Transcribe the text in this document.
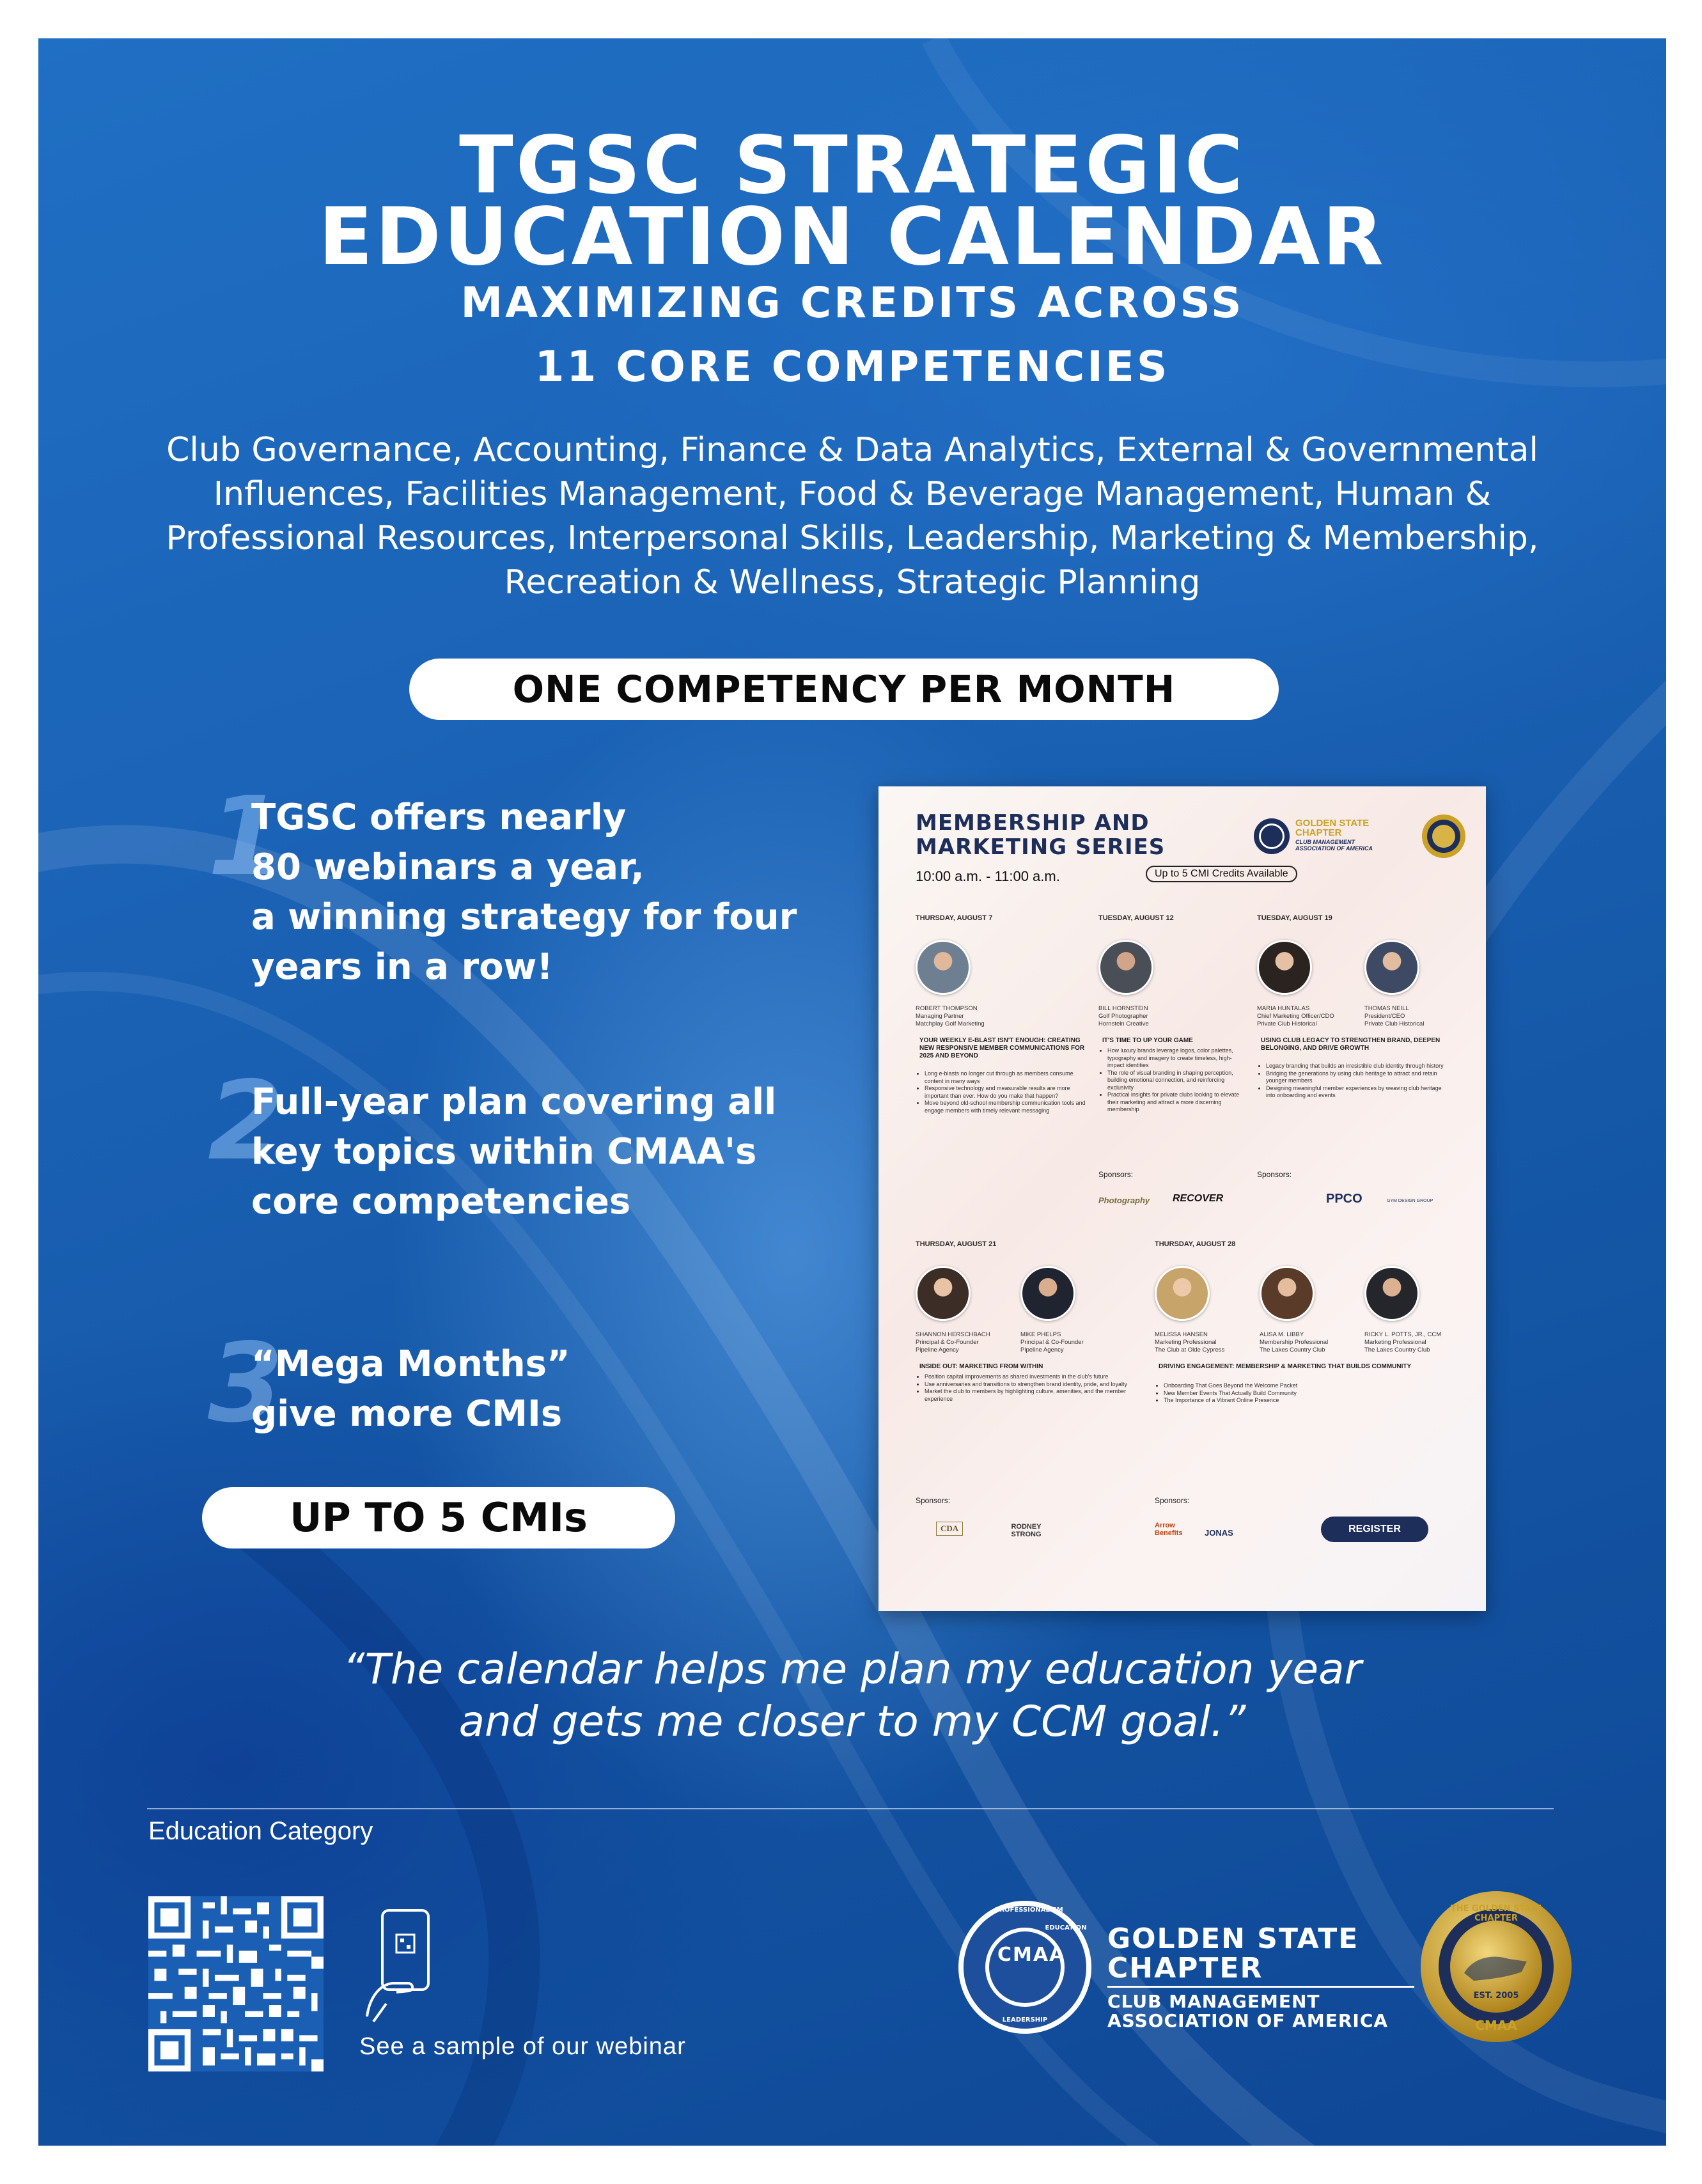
TGSC STRATEGIC
EDUCATION CALENDAR
MAXIMIZING CREDITS ACROSS
11 CORE COMPETENCIES
Club Governance, Accounting, Finance & Data Analytics, External & Governmental
Influences, Facilities Management, Food & Beverage Management, Human &
Professional Resources, Interpersonal Skills, Leadership, Marketing & Membership,
Recreation & Wellness, Strategic Planning
ONE COMPETENCY PER MONTH
1
TGSC offers nearly
80 webinars a year,
a winning strategy for four
years in a row!
2
Full-year plan covering all
key topics within CMAA's
core competencies
3
“Mega Months”
give more CMIs
UP TO 5 CMIs
MEMBERSHIP AND
MARKETING SERIES
GOLDEN STATE
CHAPTER
CLUB MANAGEMENT
ASSOCIATION OF AMERICA
10:00 a.m. - 11:00 a.m.	Up to 5 CMI Credits Available
THURSDAY, AUGUST 7	TUESDAY, AUGUST 12	TUESDAY, AUGUST 19
ROBERT THOMPSON
Managing Partner
Matchplay Golf Marketing
BILL HORNSTEIN
Golf Photographer
Hornstein Creative
MARIA HUNTALAS
Chief Marketing Officer/CDO
Private Club Historical
THOMAS NEILL
President/CEO
Private Club Historical
YOUR WEEKLY E-BLAST ISN'T ENOUGH: CREATING NEW RESPONSIVE MEMBER COMMUNICATIONS FOR 2025 AND BEYOND
• Long e-blasts no longer cut through as members consume content in many ways
• Responsive technology and measurable results are more important than ever. How do you make that happen?
• Move beyond old-school membership communication tools and engage members with timely relevant messaging
IT'S TIME TO UP YOUR GAME
• How luxury brands leverage logos, color palettes, typography and imagery to create timeless, high-impact identities
• The role of visual branding in shaping perception, building emotional connection, and reinforcing exclusivity
• Practical insights for private clubs looking to elevate their marketing and attract a more discerning membership
USING CLUB LEGACY TO STRENGTHEN BRAND, DEEPEN BELONGING, AND DRIVE GROWTH
• Legacy branding that builds an irresistible club identity through history
• Bridging the generations by using club heritage to attract and retain younger members
• Designing meaningful member experiences by weaving club heritage into onboarding and events
Sponsors:
Photography RECOVER
Sponsors:
PPCO	GYM DESIGN GROUP
THURSDAY, AUGUST 21	THURSDAY, AUGUST 28
SHANNON HERSCHBACH
Principal & Co-Founder
Pipeline Agency
MIKE PHELPS
Principal & Co-Founder
Pipeline Agency
MELISSA HANSEN
Marketing Professional
The Club at Olde Cypress
ALISA M. LIBBY
Membership Professional
The Lakes Country Club
RICKY L. POTTS, JR., CCM
Marketing Professional
The Lakes Country Club
INSIDE OUT: MARKETING FROM WITHIN
• Position capital improvements as shared investments in the club's future
• Use anniversaries and transitions to strengthen brand identity, pride, and loyalty
• Market the club to members by highlighting culture, amenities, and the member experience
DRIVING ENGAGEMENT: MEMBERSHIP & MARKETING THAT BUILDS COMMUNITY
• Onboarding That Goes Beyond the Welcome Packet
• New Member Events That Actually Build Community
• The Importance of a Vibrant Online Presence
Sponsors:
CDA	RODNEY STRONG
Sponsors:
Arrow Benefits	JONAS	REGISTER
“The calendar helps me plan my education year
and gets me closer to my CCM goal.”
Education Category
See a sample of our webinar
CMAA
PROFESSIONALISM
EDUCATION
LEADERSHIP
GOLDEN STATE
CHAPTER
CLUB MANAGEMENT
ASSOCIATION OF AMERICA
THE GOLDEN STATE CHAPTER
EST. 2005
CMAA
